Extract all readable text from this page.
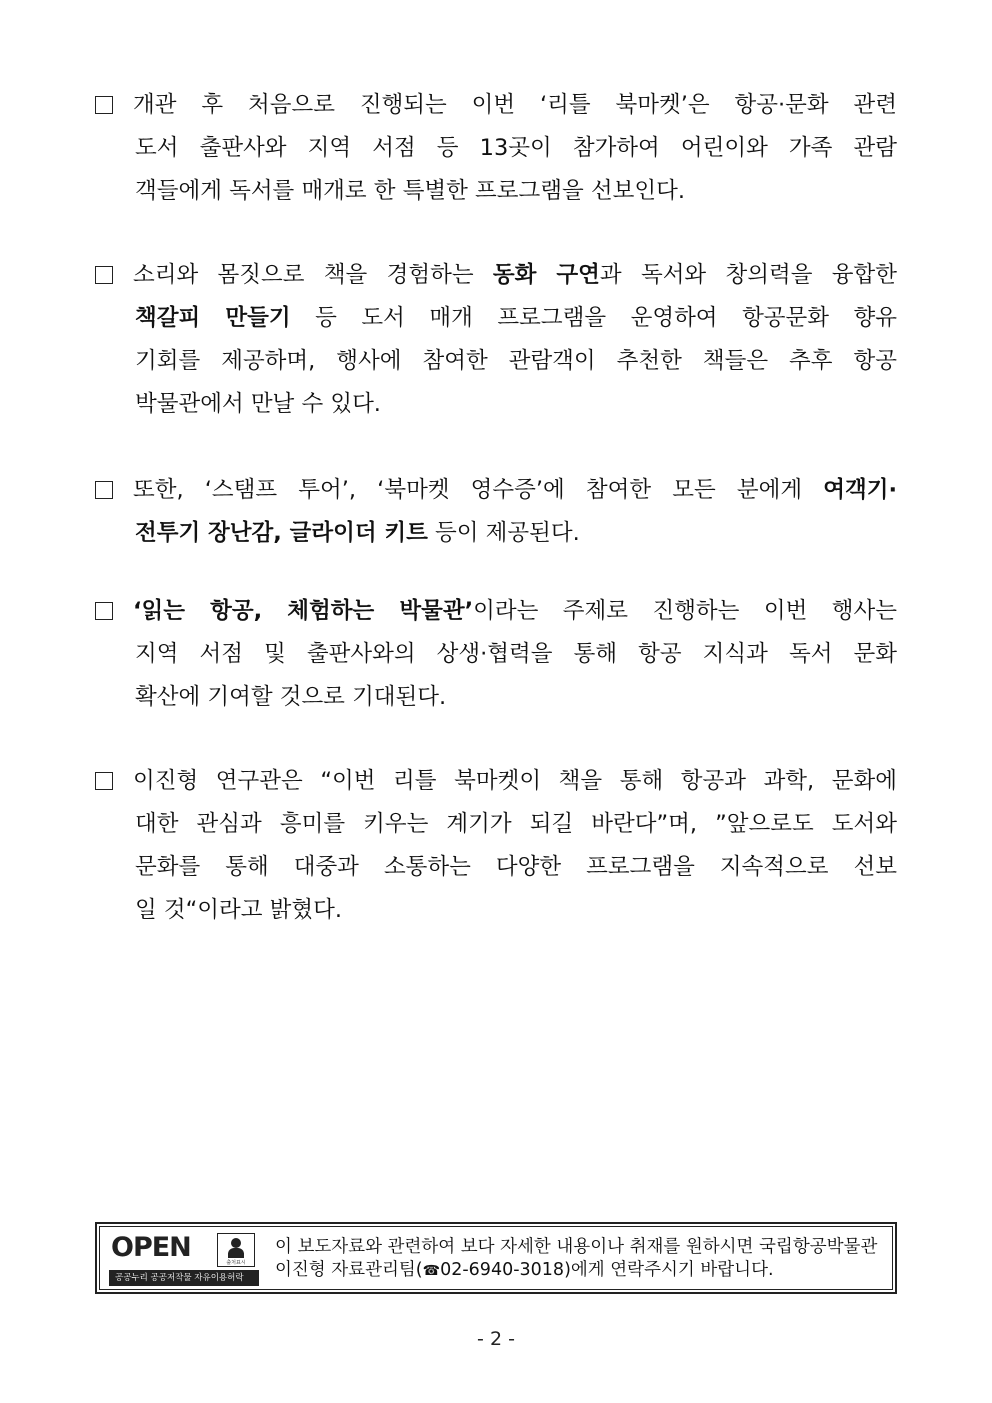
개관 후 처음으로 진행되는 이번 ‘리틀 북마켓’은 항공·문화 관련
도서 출판사와 지역 서점 등 13곳이 참가하여 어린이와 가족 관람
객들에게 독서를 매개로 한 특별한 프로그램을 선보인다.
소리와 몸짓으로 책을 경험하는 동화 구연과 독서와 창의력을 융합한
책갈피 만들기 등 도서 매개 프로그램을 운영하여 항공문화 향유
기회를 제공하며, 행사에 참여한 관람객이 추천한 책들은 추후 항공
박물관에서 만날 수 있다.
또한, ‘스탬프 투어’, ‘북마켓 영수증’에 참여한 모든 분에게 여객기·
전투기 장난감, 글라이더 키트 등이 제공된다.
‘읽는 항공, 체험하는 박물관’이라는 주제로 진행하는 이번 행사는
지역 서점 및 출판사와의 상생·협력을 통해 항공 지식과 독서 문화
확산에 기여할 것으로 기대된다.
이진형 연구관은 “이번 리틀 북마켓이 책을 통해 항공과 과학, 문화에
대한 관심과 흥미를 키우는 계기가 되길 바란다”며, ”앞으로도 도서와
문화를 통해 대중과 소통하는 다양한 프로그램을 지속적으로 선보
일 것“이라고 밝혔다.
OPEN	출처표시
공공누리 공공저작물 자유이용허락
이 보도자료와 관련하여 보다 자세한 내용이나 취재를 원하시면 국립항공박물관
이진형 자료관리팀(☎02-6940-3018)에게 연락주시기 바랍니다.
- 2 -
